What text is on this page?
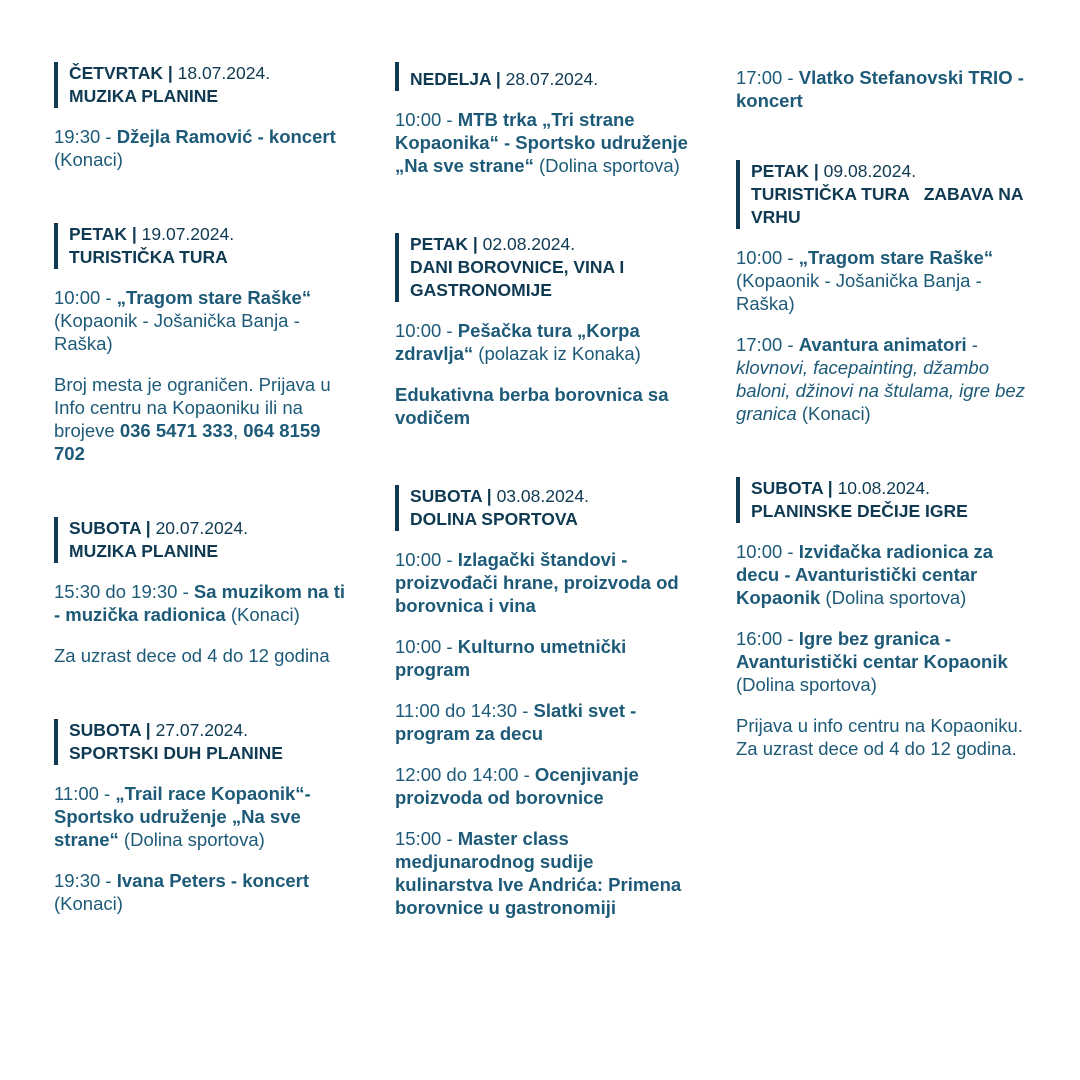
ČETVRTAK | 18.07.2024.
MUZIKA PLANINE
19:30 - Džejla Ramović - koncert (Konaci)
PETAK | 19.07.2024.
TURISTIČKA TURA
10:00 - „Tragom stare Raške“ (Kopaonik - Jošanička Banja - Raška)
Broj mesta je ograničen. Prijava u Info centru na Kopaoniku ili na brojeve 036 5471 333, 064 8159 702
SUBOTA | 20.07.2024.
MUZIKA PLANINE
15:30 do 19:30 - Sa muzikom na ti - muzička radionica (Konaci)
Za uzrast dece od 4 do 12 godina
SUBOTA | 27.07.2024.
SPORTSKI DUH PLANINE
11:00 - „Trail race Kopaonik“- Sportsko udruženje „Na sve strane“ (Dolina sportova)
19:30 - Ivana Peters - koncert (Konaci)
NEDELJA | 28.07.2024.
10:00 - MTB trka „Tri strane Kopaonika“ - Sportsko udruženje „Na sve strane“ (Dolina sportova)
PETAK | 02.08.2024.
DANI BOROVNICE, VINA I GASTRONOMIJE
10:00 - Pešačka tura „Korpa zdravlja“ (polazak iz Konaka)
Edukativna berba borovnica sa vodičem
SUBOTA | 03.08.2024.
DOLINA SPORTOVA
10:00 - Izlagački štandovi - proizvođači hrane, proizvoda od borovnica i vina
10:00 - Kulturno umetnički program
11:00 do 14:30 - Slatki svet - program za decu
12:00 do 14:00 - Ocenjivanje proizvoda od borovnice
15:00 - Master class medjunarodnog sudije kulinarstva Ive Andrića: Primena borovnice u gastronomiji
17:00 - Vlatko Stefanovski TRIO - koncert
PETAK | 09.08.2024.
TURISTIČKA TURA   ZABAVA NA VRHU
10:00 - „Tragom stare Raške“ (Kopaonik - Jošanička Banja - Raška)
17:00 - Avantura animatori - klovnovi, facepainting, džambo baloni, džinovi na štulama, igre bez granica (Konaci)
SUBOTA | 10.08.2024.
PLANINSKE DEČIJE IGRE
10:00 - Izviđačka radionica za decu - Avanturistički centar Kopaonik (Dolina sportova)
16:00 - Igre bez granica - Avanturistički centar Kopaonik (Dolina sportova)
Prijava u info centru na Kopaoniku. Za uzrast dece od 4 do 12 godina.
